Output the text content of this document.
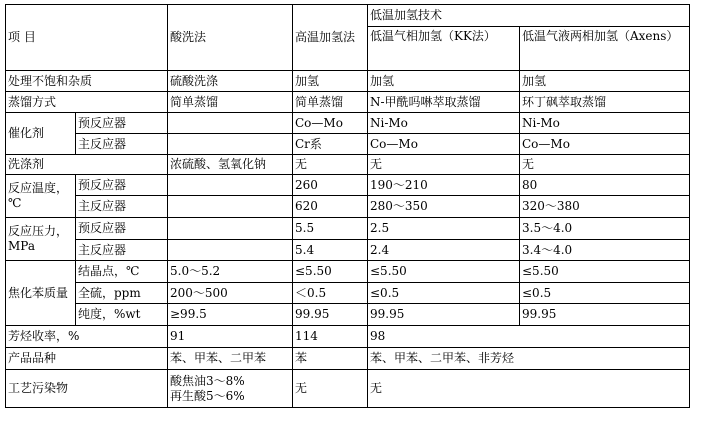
项 目		酸洗法	高温加氢法	低温加氢技术	
				低温气相加氢（KK法）	低温气液两相加氢（Axens）
处理不饱和杂质		硫酸洗涤	加氢	加氢	加氢
蒸馏方式		简单蒸馏	简单蒸馏	N-甲酰吗啉萃取蒸馏	环丁砜萃取蒸馏
催化剂	预反应器		Co—Mo	Ni-Mo	Ni-Mo
	主反应器		Cr系	Co—Mo	Co—Mo
洗涤剂		浓硫酸、氢氧化钠	无	无	无
反应温度，℃	预反应器		260	190～210	80
	主反应器		620	280～350	320～380
反应压力，MPa	预反应器		5.5	2.5	3.5～4.0
	主反应器		5.4	2.4	3.4～4.0
焦化苯质量	结晶点，℃	5.0～5.2	≤5.50	≤5.50	≤5.50
	全硫，ppm	200～500	＜0.5	≤0.5	≤0.5
	纯度，%wt	≥99.5	99.95	99.95	99.95
芳烃收率，%		91	114	98	
产品品种		苯、甲苯、二甲苯	苯	苯、甲苯、二甲苯、非芳烃	
工艺污染物		酸焦油3～8%
再生酸5～6%	无	无	
